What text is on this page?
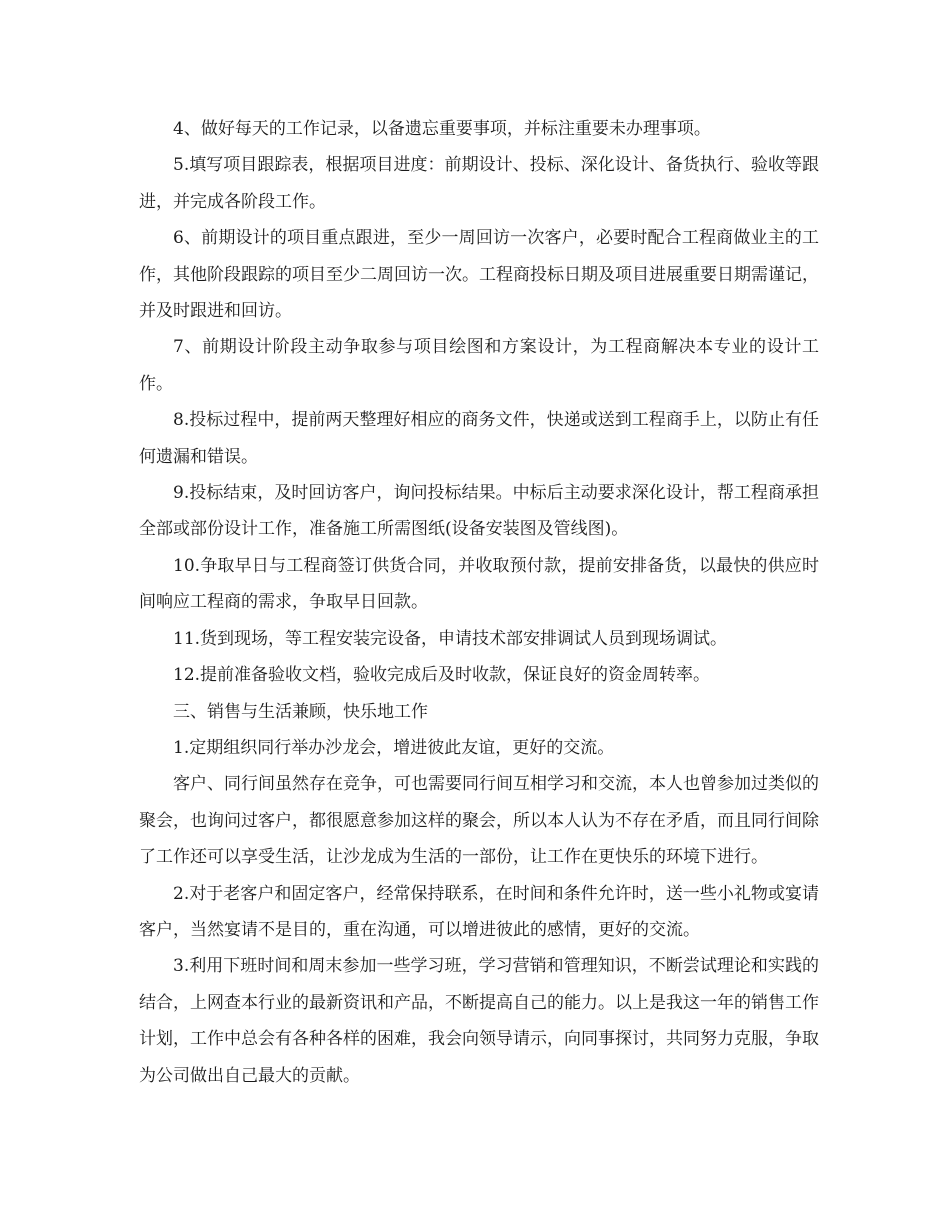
4、做好每天的工作记录，以备遗忘重要事项，并标注重要未办理事项。

5.填写项目跟踪表，根据项目进度：前期设计、投标、深化设计、备货执行、验收等跟进，并完成各阶段工作。

6、前期设计的项目重点跟进，至少一周回访一次客户，必要时配合工程商做业主的工作，其他阶段跟踪的项目至少二周回访一次。工程商投标日期及项目进展重要日期需谨记，并及时跟进和回访。

7、前期设计阶段主动争取参与项目绘图和方案设计，为工程商解决本专业的设计工作。

8.投标过程中，提前两天整理好相应的商务文件，快递或送到工程商手上，以防止有任何遗漏和错误。

9.投标结束，及时回访客户，询问投标结果。中标后主动要求深化设计，帮工程商承担全部或部份设计工作，准备施工所需图纸(设备安装图及管线图)。

10.争取早日与工程商签订供货合同，并收取预付款，提前安排备货，以最快的供应时间响应工程商的需求，争取早日回款。

11.货到现场，等工程安装完设备，申请技术部安排调试人员到现场调试。

12.提前准备验收文档，验收完成后及时收款，保证良好的资金周转率。

三、销售与生活兼顾，快乐地工作

1.定期组织同行举办沙龙会，增进彼此友谊，更好的交流。

客户、同行间虽然存在竞争，可也需要同行间互相学习和交流，本人也曾参加过类似的聚会，也询问过客户，都很愿意参加这样的聚会，所以本人认为不存在矛盾，而且同行间除了工作还可以享受生活，让沙龙成为生活的一部份，让工作在更快乐的环境下进行。

2.对于老客户和固定客户，经常保持联系，在时间和条件允许时，送一些小礼物或宴请客户，当然宴请不是目的，重在沟通，可以增进彼此的感情，更好的交流。

3.利用下班时间和周末参加一些学习班，学习营销和管理知识，不断尝试理论和实践的结合，上网查本行业的最新资讯和产品，不断提高自己的能力。以上是我这一年的销售工作计划，工作中总会有各种各样的困难，我会向领导请示，向同事探讨，共同努力克服，争取为公司做出自己最大的贡献。
